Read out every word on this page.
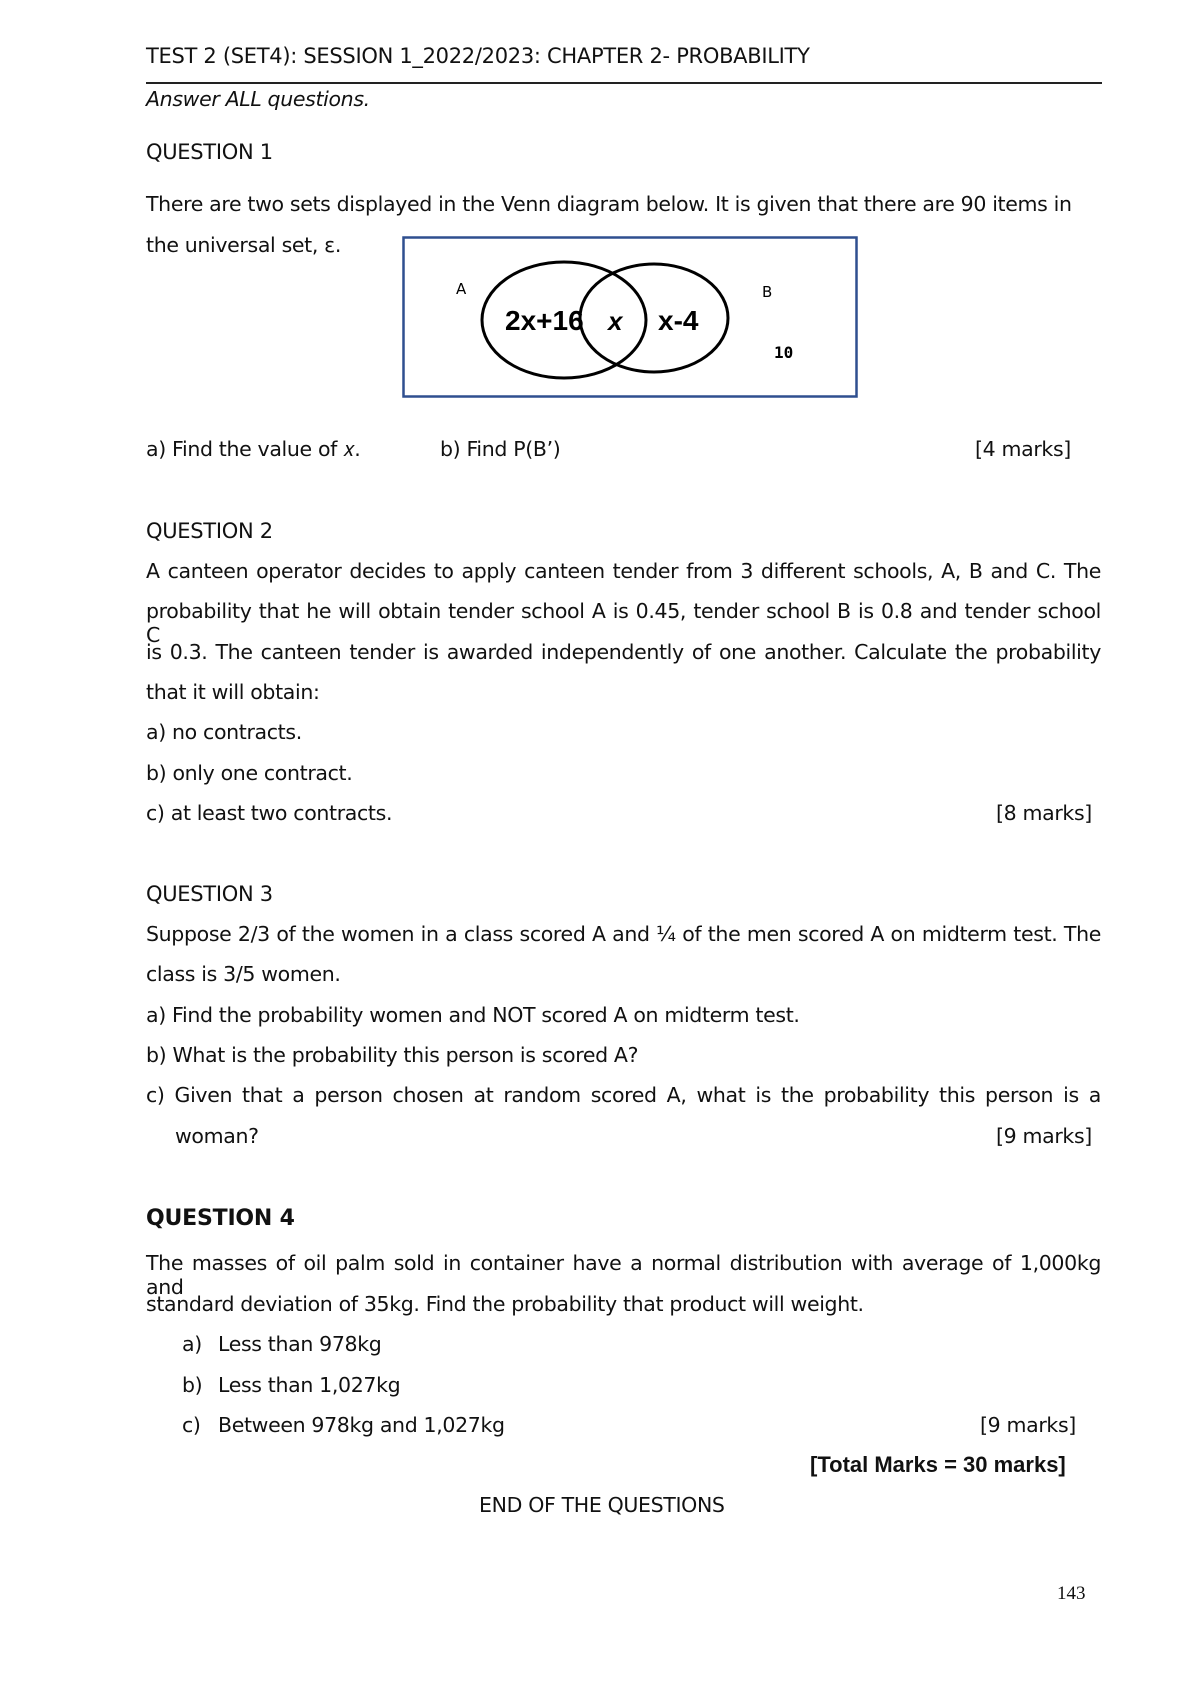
TEST 2 (SET4): SESSION 1_2022/2023: CHAPTER 2- PROBABILITY
Answer ALL questions.
QUESTION 1
There are two sets displayed in the Venn diagram below. It is given that there are 90 items in
the universal set, ε.
A	B
2x+16 x x-4
10
a) Find the value of 𝑥.	b) Find P(B’)	[4 marks]
QUESTION 2
A canteen operator decides to apply canteen tender from 3 different schools, A, B and C. The
probability that he will obtain tender school A is 0.45, tender school B is 0.8 and tender school C
is 0.3. The canteen tender is awarded independently of one another. Calculate the probability
that it will obtain:
a) no contracts.
b) only one contract.
c) at least two contracts.	[8 marks]
QUESTION 3
Suppose 2/3 of the women in a class scored A and ¼ of the men scored A on midterm test. The
class is 3/5 women.
a) Find the probability women and NOT scored A on midterm test.
b) What is the probability this person is scored A?
c) Given that a person chosen at random scored A, what is the probability this person is a
woman?	[9 marks]
QUESTION 4
The masses of oil palm sold in container have a normal distribution with average of 1,000kg and
standard deviation of 35kg. Find the probability that product will weight.
a) Less than 978kg
b) Less than 1,027kg
c) Between 978kg and 1,027kg	[9 marks]
[Total Marks = 30 marks]
END OF THE QUESTIONS
143
